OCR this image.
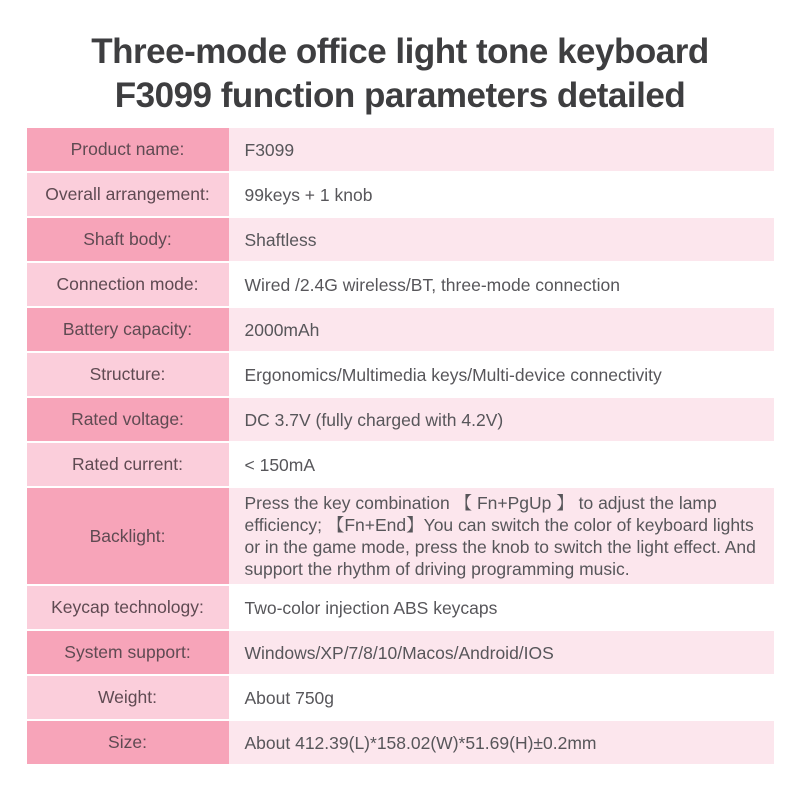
Three-mode office light tone keyboard
F3099 function parameters detailed
Product name:	F3099
Overall arrangement:	99keys + 1 knob
Shaft body:	Shaftless
Connection mode:	Wired /2.4G wireless/BT, three-mode connection
Battery capacity:	2000mAh
Structure:	Ergonomics/Multimedia keys/Multi-device connectivity
Rated voltage:	DC 3.7V (fully charged with 4.2V)
Rated current:	< 150mA
Backlight:	Press the key combination 【 Fn+PgUp 】 to adjust the lamp efficiency; 【Fn+End】You can switch the color of keyboard lights or in the game mode, press the knob to switch the light effect. And support the rhythm of driving programming music.
Keycap technology:	Two-color injection ABS keycaps
System support:	Windows/XP/7/8/10/Macos/Android/IOS
Weight:	About 750g
Size:	About 412.39(L)*158.02(W)*51.69(H)±0.2mm
